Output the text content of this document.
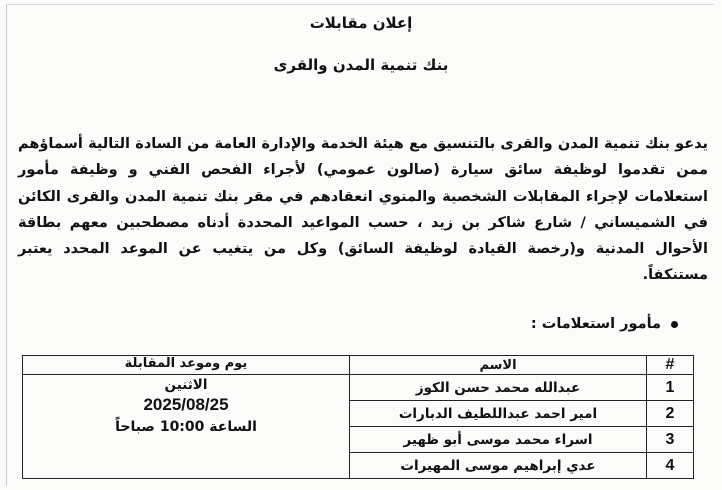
إعلان مقابلات
بنك تنمية المدن والقرى
يدعو بنك تنمية المدن والقرى بالتنسيق مع هيئة الخدمة والإدارة العامة من السادة التالية أسماؤهم ممن تقدموا لوظيفة سائق سيارة (صالون عمومي) لأجراء الفحص الفني و وظيفة مأمور استعلامات لإجراء المقابلات الشخصية والمنوي انعقادهم في مقر بنك تنمية المدن والقرى الكائن في الشميساني / شارع شاكر بن زيد ، حسب المواعيد المحددة أدناه مصطحبين معهم بطاقة الأحوال المدنية و(رخصة القيادة لوظيفة السائق) وكل من يتغيب عن الموعد المحدد يعتبر مستنكفاً.
مأمور استعلامات :
#	الاسم	يوم وموعد المقابلة
1	عبدالله محمد حسن الكوز	الاثنين
2025/08/25
الساعة 10:00 صباحاً

2	امير احمد عبداللطيف الدبارات	
3	اسراء محمد موسى أبو ظهير	
4	عدي إبراهيم موسى المهيرات	
